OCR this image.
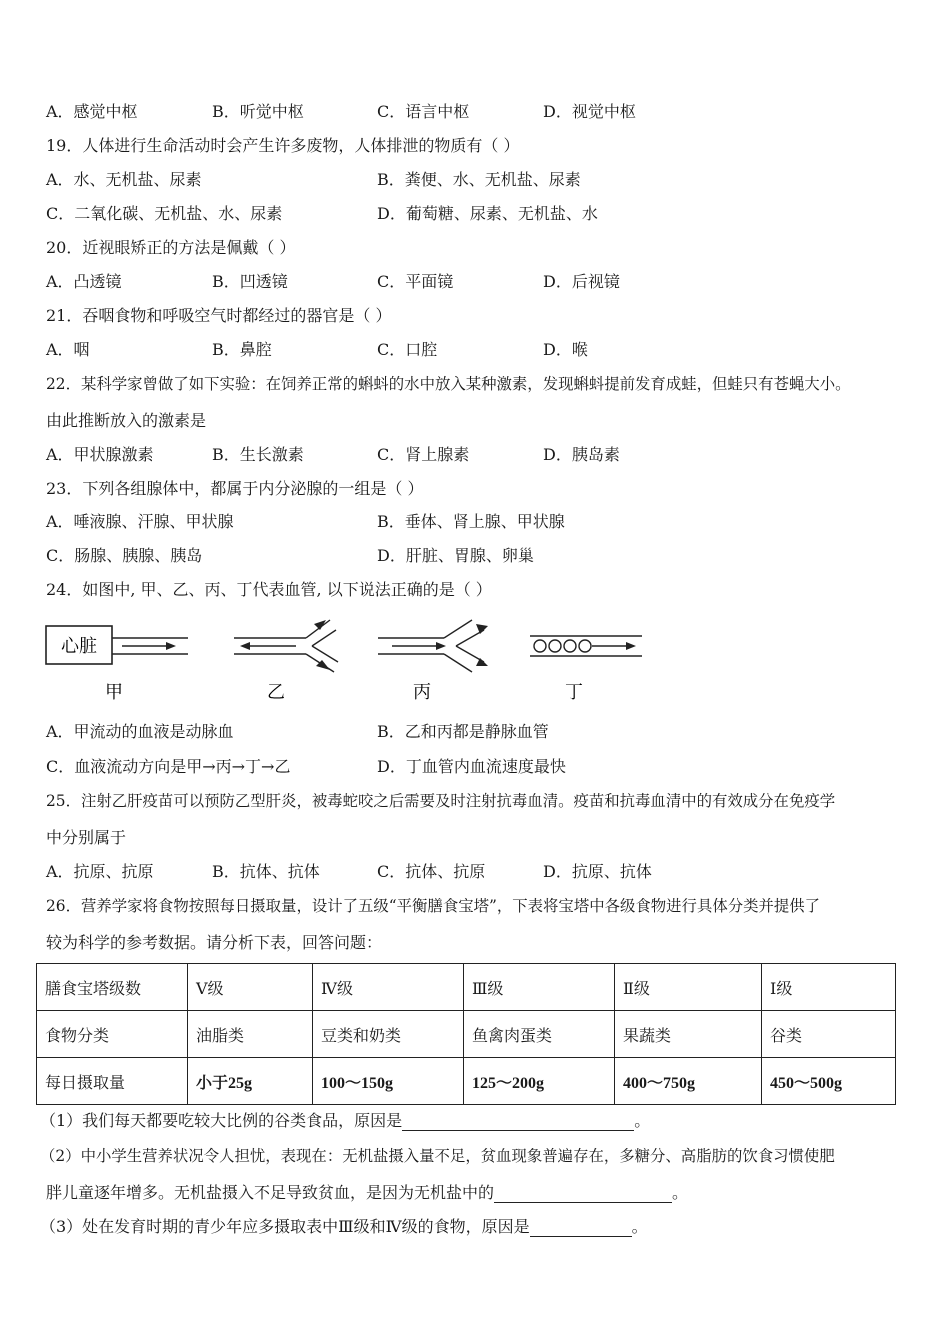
A．感觉中枢	B．听觉中枢	C．语言中枢	D．视觉中枢
19．人体进行生命活动时会产生许多废物，人体排泄的物质有（ ）
A．水、无机盐、尿素	B．粪便、水、无机盐、尿素
C．二氧化碳、无机盐、水、尿素	D．葡萄糖、尿素、无机盐、水
20．近视眼矫正的方法是佩戴（ ）
A．凸透镜	B．凹透镜	C．平面镜	D．后视镜
21．吞咽食物和呼吸空气时都经过的器官是（ ）
A．咽	B．鼻腔	C．口腔	D．喉
22．某科学家曾做了如下实验：在饲养正常的蝌蚪的水中放入某种激素，发现蝌蚪提前发育成蛙，但蛙只有苍蝇大小。
由此推断放入的激素是
A．甲状腺激素	B．生长激素	C．肾上腺素	D．胰岛素
23．下列各组腺体中，都属于内分泌腺的一组是（ ）
A．唾液腺、汗腺、甲状腺	B．垂体、肾上腺、甲状腺
C．肠腺、胰腺、胰岛	D．肝脏、胃腺、卵巢
24．如图中, 甲、乙、丙、丁代表血管, 以下说法正确的是（ ）
心脏
甲	乙	丙	丁
A．甲流动的血液是动脉血	B．乙和丙都是静脉血管
C．血液流动方向是甲→丙→丁→乙	D．丁血管内血流速度最快
25．注射乙肝疫苗可以预防乙型肝炎，被毒蛇咬之后需要及时注射抗毒血清。疫苗和抗毒血清中的有效成分在免疫学
中分别属于
A．抗原、抗原	B．抗体、抗体	C．抗体、抗原	D．抗原、抗体
26．营养学家将食物按照每日摄取量，设计了五级“平衡膳食宝塔”，下表将宝塔中各级食物进行具体分类并提供了
较为科学的参考数据。请分析下表，回答问题：
膳食宝塔级数	Ⅴ级	Ⅳ级	Ⅲ级	Ⅱ级	Ⅰ级
食物分类	油脂类	豆类和奶类	鱼禽肉蛋类	果蔬类	谷类
每日摄取量	小于25g	100～150g	125～200g	400～750g	450～500g
（1）我们每天都要吃较大比例的谷类食品，原因是	。
（2）中小学生营养状况令人担忧，表现在：无机盐摄入量不足，贫血现象普遍存在，多糖分、高脂肪的饮食习惯使肥
胖儿童逐年增多。无机盐摄入不足导致贫血，是因为无机盐中的	。
（3）处在发育时期的青少年应多摄取表中Ⅲ级和Ⅳ级的食物，原因是	。
